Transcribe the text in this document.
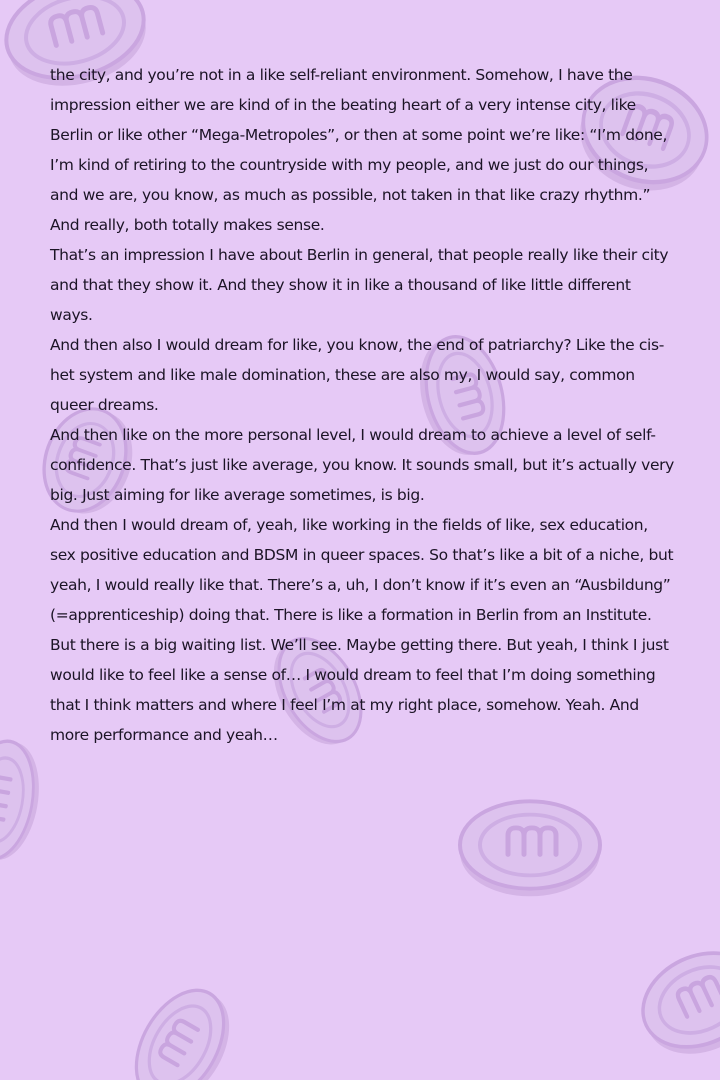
the city, and you’re not in a like self-reliant environment. Somehow, I have the impression either we are kind of in the beating heart of a very intense city, like Berlin or like other “Mega-Metropoles”, or then at some point we’re like: “I’m done, I’m kind of retiring to the countryside with my people, and we just do our things, and we are, you know, as much as possible, not taken in that like crazy rhythm.” And really, both totally makes sense.

That’s an impression I have about Berlin in general, that people really like their city and that they show it. And they show it in like a thousand of like little different ways.

And then also I would dream for like, you know, the end of patriarchy? Like the cis-het system and like male domination, these are also my, I would say, common queer dreams.

And then like on the more personal level, I would dream to achieve a level of self-confidence. That’s just like average, you know. It sounds small, but it’s actually very big. Just aiming for like average sometimes, is big.

And then I would dream of, yeah, like working in the fields of like, sex education, sex positive education and BDSM in queer spaces. So that’s like a bit of a niche, but yeah, I would really like that. There’s a, uh, I don’t know if it’s even an “Ausbildung” (=apprenticeship) doing that. There is like a formation in Berlin from an Institute. But there is a big waiting list. We’ll see. Maybe getting there. But yeah, I think I just would like to feel like a sense of… I would dream to feel that I’m doing something that I think matters and where I feel I’m at my right place, somehow. Yeah. And more performance and yeah…
